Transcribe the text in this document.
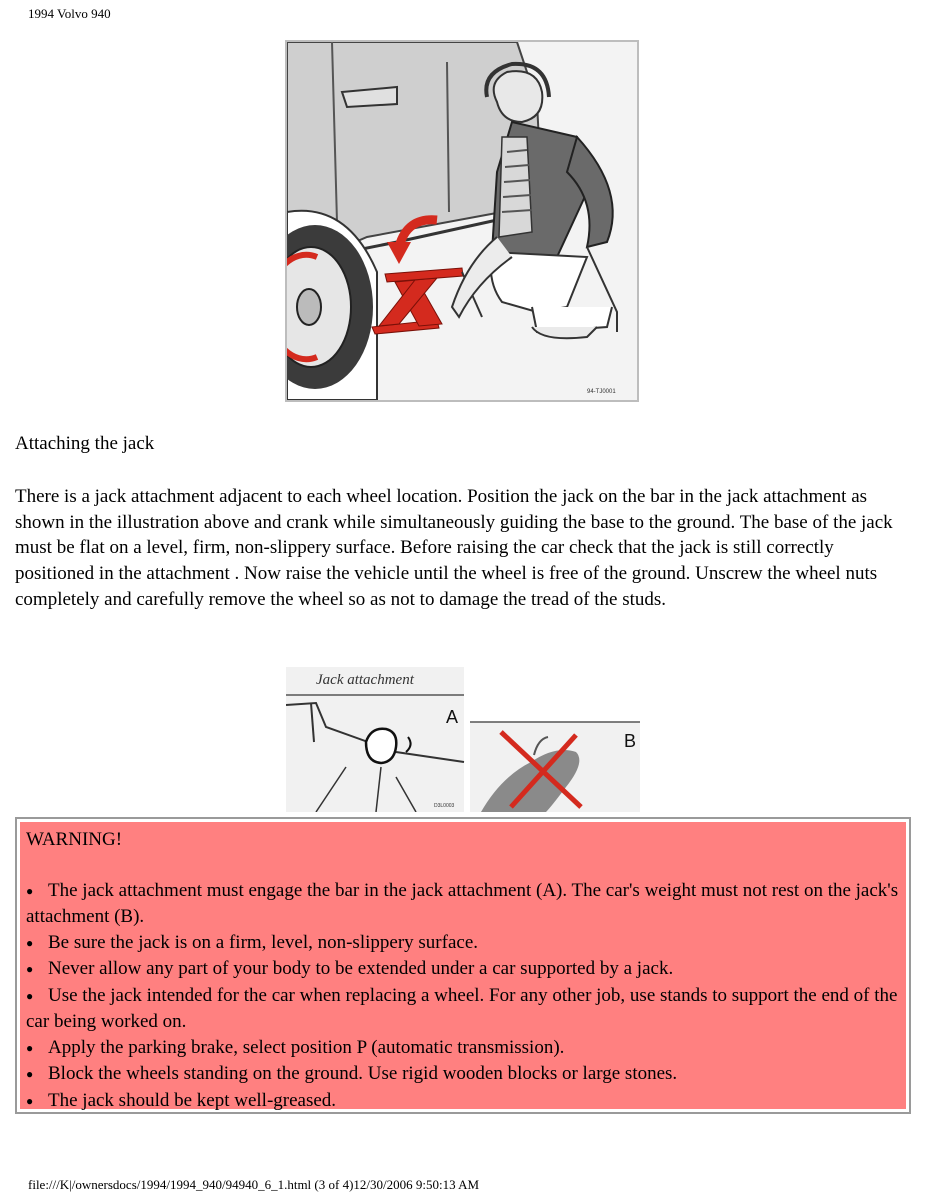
1994 Volvo 940
94-TJ0001
Attaching the jack

There is a jack attachment adjacent to each wheel location. Position the jack on the bar in the jack attachment as shown in the illustration above and crank while simultaneously guiding the base to the ground. The base of the jack must be flat on a level, firm, non-slippery surface. Before raising the car check that the jack is still correctly positioned in the attachment . Now raise the vehicle until the wheel is free of the ground. Unscrew the wheel nuts completely and carefully remove the wheel so as not to damage the tread of the studs.

Jack attachment
A
D3L0003
B
WARNING!
● The jack attachment must engage the bar in the jack attachment (A). The car's weight must not rest on the jack's attachment (B).
● Be sure the jack is on a firm, level, non-slippery surface.
● Never allow any part of your body to be extended under a car supported by a jack.
● Use the jack intended for the car when replacing a wheel. For any other job, use stands to support the end of the car being worked on.
● Apply the parking brake, select position P (automatic transmission).
● Block the wheels standing on the ground. Use rigid wooden blocks or large stones.
● The jack should be kept well-greased.
file:///K|/ownersdocs/1994/1994_940/94940_6_1.html (3 of 4)12/30/2006 9:50:13 AM
